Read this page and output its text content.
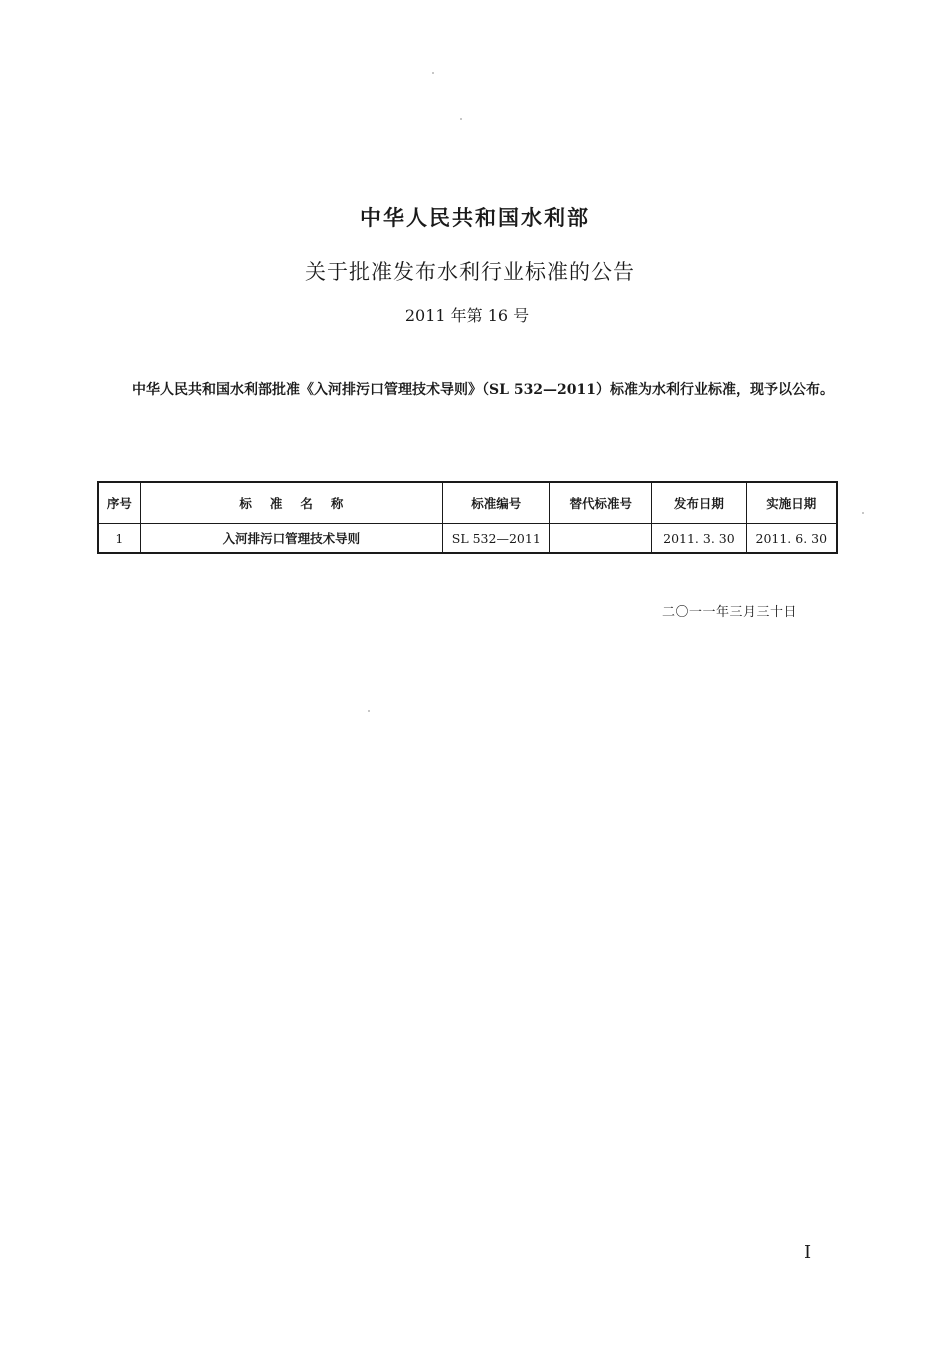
中华人民共和国水利部
关于批准发布水利行业标准的公告
2011 年第 16 号
中华人民共和国水利部批准《入河排污口管理技术导则》（SL 532—2011）标准为水利行业标准，现予以公布。
序号	标准名称	标准编号	替代标准号	发布日期	实施日期
1	入河排污口管理技术导则	SL 532—2011		2011. 3. 30	2011. 6. 30
二〇一一年三月三十日
I
